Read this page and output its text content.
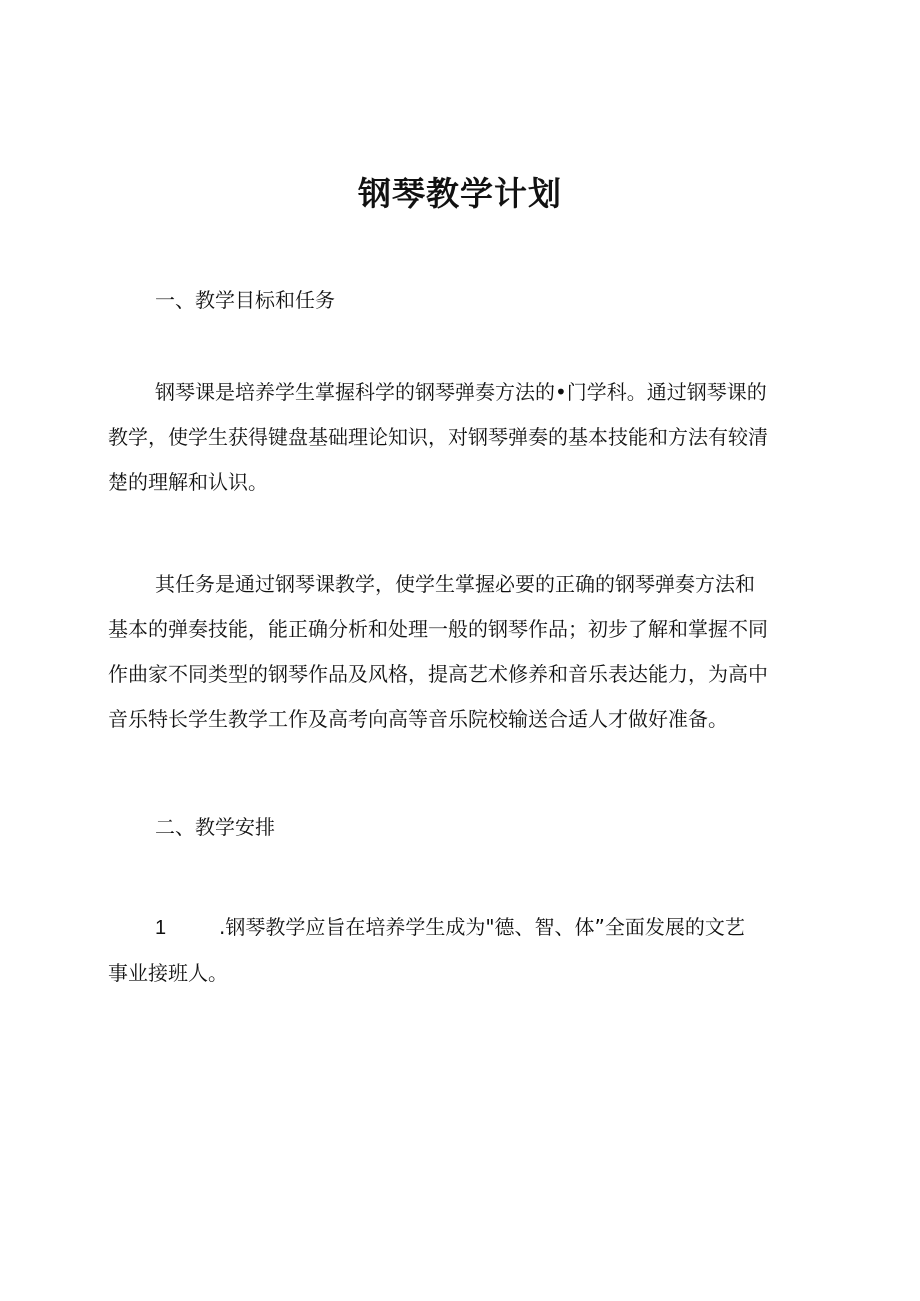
钢琴教学计划
一、教学目标和任务
钢琴课是培养学生掌握科学的钢琴弹奏方法的•门学科。通过钢琴课的
教学，使学生获得键盘基础理论知识，对钢琴弹奏的基本技能和方法有较清
楚的理解和认识。
其任务是通过钢琴课教学，使学生掌握必要的正确的钢琴弹奏方法和
基本的弹奏技能，能正确分析和处理一般的钢琴作品；初步了解和掌握不同
作曲家不同类型的钢琴作品及风格，提高艺术修养和音乐表达能力，为高中
音乐特长学生教学工作及高考向高等音乐院校输送合适人才做好准备。
二、教学安排
1	.钢琴教学应旨在培养学生成为"德、智、体”全面发展的文艺
事业接班人。
